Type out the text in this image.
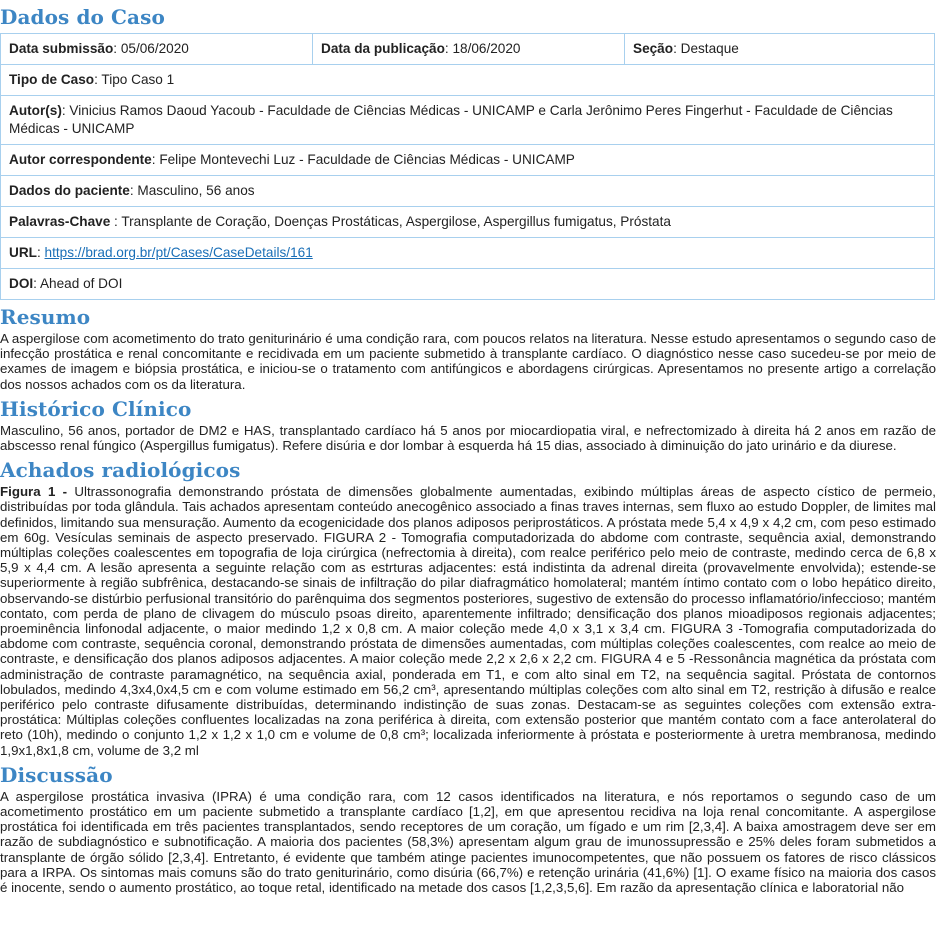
Dados do Caso
Data submissão: 05/06/2020	Data da publicação: 18/06/2020	Seção: Destaque
Tipo de Caso: Tipo Caso 1
Autor(s): Vinicius Ramos Daoud Yacoub - Faculdade de Ciências Médicas - UNICAMP e Carla Jerônimo Peres Fingerhut - Faculdade de Ciências Médicas - UNICAMP
Autor correspondente: Felipe Montevechi Luz - Faculdade de Ciências Médicas - UNICAMP
Dados do paciente: Masculino, 56 anos
Palavras-Chave : Transplante de Coração, Doenças Prostáticas, Aspergilose, Aspergillus fumigatus, Próstata
URL: https://brad.org.br/pt/Cases/CaseDetails/161
DOI: Ahead of DOI
Resumo

A aspergilose com acometimento do trato geniturinário é uma condição rara, com poucos relatos na literatura. Nesse estudo apresentamos o segundo caso de infecção prostática e renal concomitante e recidivada em um paciente submetido à transplante cardíaco. O diagnóstico nesse caso sucedeu-se por meio de exames de imagem e biópsia prostática, e iniciou-se o tratamento com antifúngicos e abordagens cirúrgicas. Apresentamos no presente artigo a correlação dos nossos achados com os da literatura.

Histórico Clínico

Masculino, 56 anos, portador de DM2 e HAS, transplantado cardíaco há 5 anos por miocardiopatia viral, e nefrectomizado à direita há 2 anos em razão de abscesso renal fúngico (Aspergillus fumigatus). Refere disúria e dor lombar à esquerda há 15 dias, associado à diminuição do jato urinário e da diurese.

Achados radiológicos

Figura 1 - Ultrassonografia demonstrando próstata de dimensões globalmente aumentadas, exibindo múltiplas áreas de aspecto cístico de permeio, distribuídas por toda glândula. Tais achados apresentam conteúdo anecogênico associado a finas traves internas, sem fluxo ao estudo Doppler, de limites mal definidos, limitando sua mensuração. Aumento da ecogenicidade dos planos adiposos periprostáticos. A próstata mede 5,4 x 4,9 x 4,2 cm, com peso estimado em 60g. Vesículas seminais de aspecto preservado. FIGURA 2 - Tomografia computadorizada do abdome com contraste, sequência axial, demonstrando múltiplas coleções coalescentes em topografia de loja cirúrgica (nefrectomia à direita), com realce periférico pelo meio de contraste, medindo cerca de 6,8 x 5,9 x 4,4 cm. A lesão apresenta a seguinte relação com as estrturas adjacentes: está indistinta da adrenal direita (provavelmente envolvida); estende-se superiormente à região subfrênica, destacando-se sinais de infiltração do pilar diafragmático homolateral; mantém íntimo contato com o lobo hepático direito, observando-se distúrbio perfusional transitório do parênquima dos segmentos posteriores, sugestivo de extensão do processo inflamatório/infeccioso; mantém contato, com perda de plano de clivagem do músculo psoas direito, aparentemente infiltrado; densificação dos planos mioadiposos regionais adjacentes; proeminência linfonodal adjacente, o maior medindo 1,2 x 0,8 cm. A maior coleção mede 4,0 x 3,1 x 3,4 cm. FIGURA 3 -Tomografia computadorizada do abdome com contraste, sequência coronal, demonstrando próstata de dimensões aumentadas, com múltiplas coleções coalescentes, com realce ao meio de contraste, e densificação dos planos adiposos adjacentes. A maior coleção mede 2,2 x 2,6 x 2,2 cm. FIGURA 4 e 5 -Ressonância magnética da próstata com administração de contraste paramagnético, na sequência axial, ponderada em T1, e com alto sinal em T2, na sequência sagital. Próstata de contornos lobulados, medindo 4,3x4,0x4,5 cm e com volume estimado em 56,2 cm³, apresentando múltiplas coleções com alto sinal em T2, restrição à difusão e realce periférico pelo contraste difusamente distribuídas, determinando indistinção de suas zonas. Destacam-se as seguintes coleções com extensão extra-prostática: Múltiplas coleções confluentes localizadas na zona periférica à direita, com extensão posterior que mantém contato com a face anterolateral do reto (10h), medindo o conjunto 1,2 x 1,2 x 1,0 cm e volume de 0,8 cm³; localizada inferiormente à próstata e posteriormente à uretra membranosa, medindo 1,9x1,8x1,8 cm, volume de 3,2 ml

Discussão

A aspergilose prostática invasiva (IPRA) é uma condição rara, com 12 casos identificados na literatura, e nós reportamos o segundo caso de um acometimento prostático em um paciente submetido a transplante cardíaco [1,2], em que apresentou recidiva na loja renal concomitante. A aspergilose prostática foi identificada em três pacientes transplantados, sendo receptores de um coração, um fígado e um rim [2,3,4]. A baixa amostragem deve ser em razão de subdiagnóstico e subnotificação. A maioria dos pacientes (58,3%) apresentam algum grau de imunossupressão e 25% deles foram submetidos a transplante de órgão sólido [2,3,4]. Entretanto, é evidente que também atinge pacientes imunocompetentes, que não possuem os fatores de risco clássicos para a IRPA. Os sintomas mais comuns são do trato geniturinário, como disúria (66,7%) e retenção urinária (41,6%) [1]. O exame físico na maioria dos casos é inocente, sendo o aumento prostático, ao toque retal, identificado na metade dos casos [1,2,3,5,6]. Em razão da apresentação clínica e laboratorial não
